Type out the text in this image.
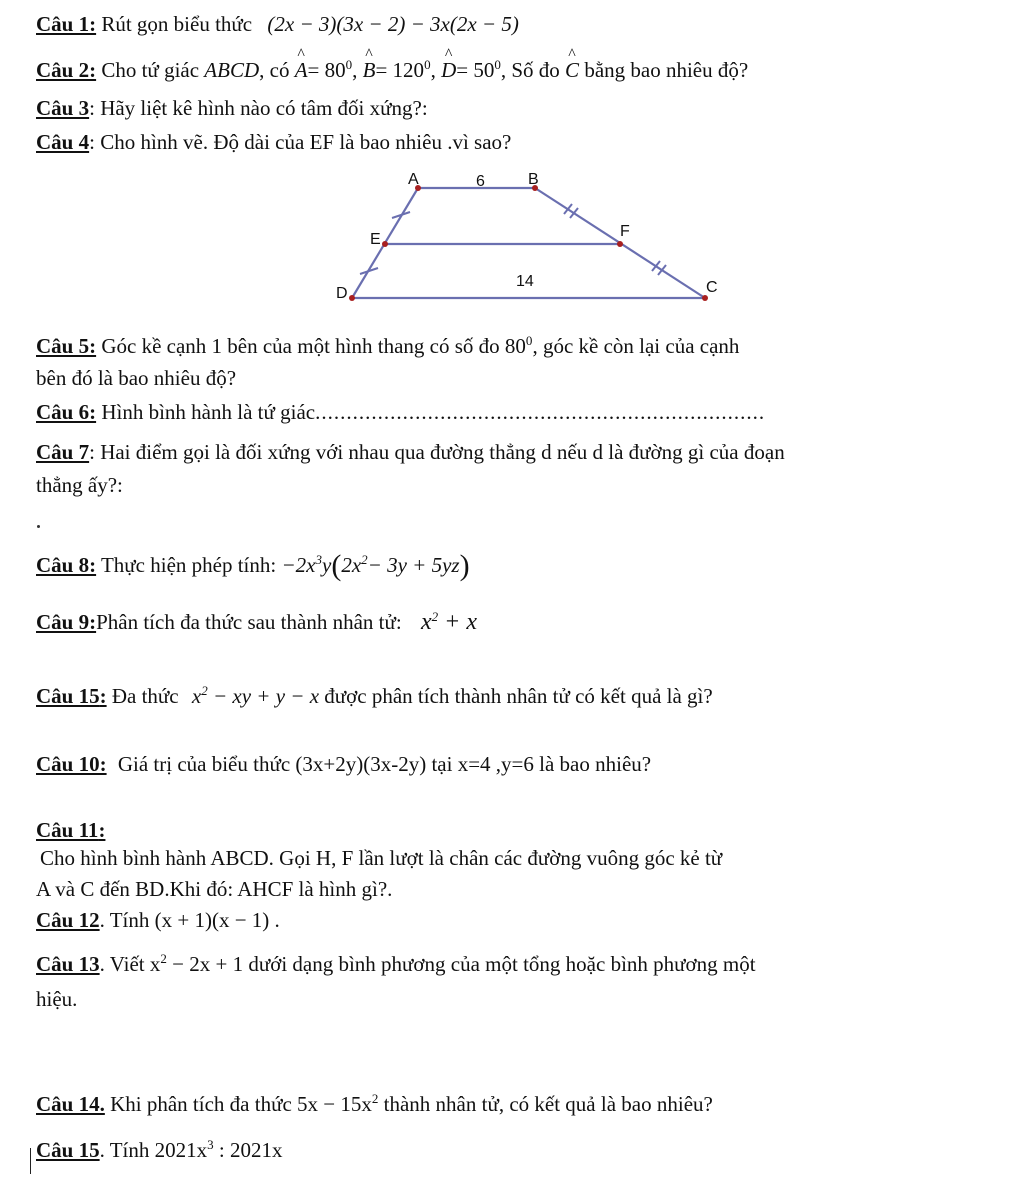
Câu 1: Rút gọn biểu thức (2x − 3)(3x − 2) − 3x(2x − 5)
Câu 2: Cho tứ giác ABCD, có ^ $A= 80^0$, ^ $B= 120^0$, ^ $D= 50^0$, Số đo ^ C bằng bao nhiêu độ?
Câu 3: Hãy liệt kê hình nào có tâm đối xứng?:
Câu 4: Cho hình vẽ. Độ dài của EF là bao nhiêu .vì sao?
A	B
C
D
E	F
6
14
Câu 5: Góc kề cạnh 1 bên của một hình thang có số đo $80^0$, góc kề còn lại của cạnh
bên đó là bao nhiêu độ?
Câu 6: Hình bình hành là tứ giác........................................................................
Câu 7: Hai điểm gọi là đối xứng với nhau qua đường thẳng d nếu d là đường gì của đoạn
thẳng ấy?:
Câu 8: Thực hiện phép tính: $-2x^3y(2x^2- 3y + 5yz)$
Câu 9:Phân tích đa thức sau thành nhân tử: $x^2 + x$
Câu 15: Đa thức $x^2$ − xy + y − x được phân tích thành nhân tử có kết quả là gì?
Câu 10: Giá trị của biểu thức (3x+2y)(3x-2y) tại x=4 ,y=6 là bao nhiêu?
Câu 11:
Cho hình bình hành ABCD. Gọi H, F lần lượt là chân các đường vuông góc kẻ từ
A và C đến BD.Khi đó: AHCF là hình gì?.
Câu 12. Tính (x + 1)(x − 1) .
Câu 13. Viết $x^2 - 2x + 1$ dưới dạng bình phương của một tổng hoặc bình phương một
hiệu.
Câu 14. Khi phân tích đa thức $5x - 15x^2$ thành nhân tử, có kết quả là bao nhiêu?
Câu 15. Tính $2021x^3$ : 2021x
